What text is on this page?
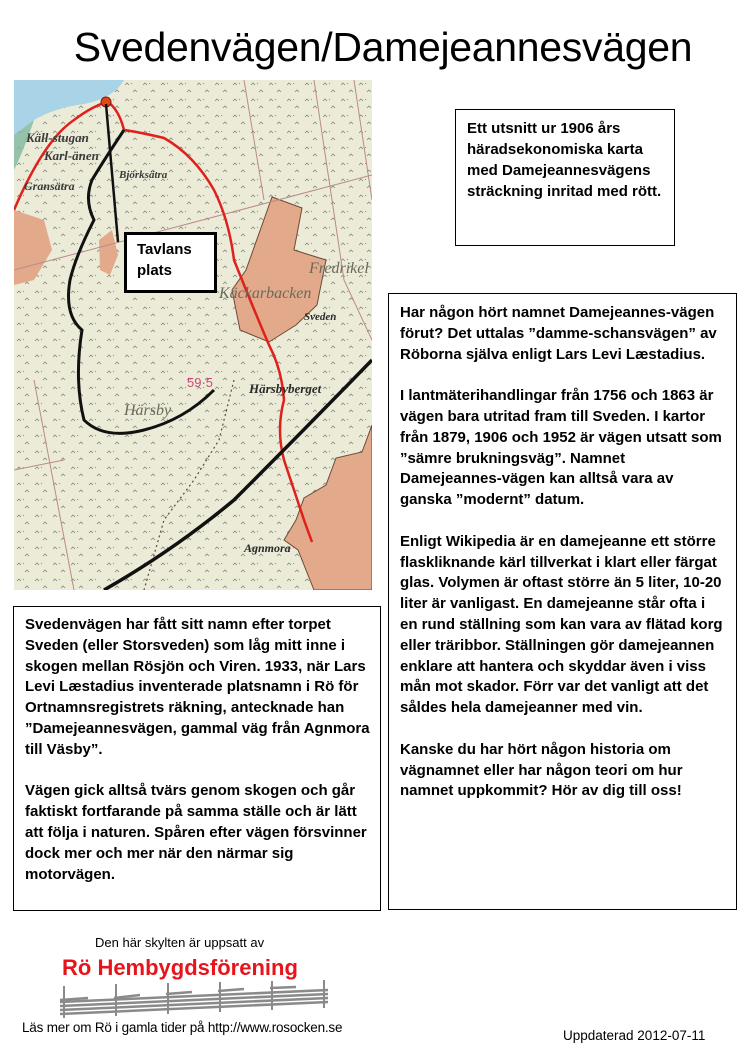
Svedenvägen/Damejeannesvägen
Käll-stugan
Karl-änen
Björksätra
Gransätra
Käckarbacken
Fredrikel
Härsby
Sveden
Härsbyberget
Agnmora
59·5
Tavlans
plats

Ett utsnitt ur 1906 års häradsekonomiska karta med Damejeannesvägens sträckning inritad med rött.

Har någon hört namnet Damejeannes-vägen förut? Det uttalas ”damme-schansvägen” av Röborna själva enligt Lars Levi Læstadius.

I lantmäterihandlingar från 1756 och 1863 är vägen bara utritad fram till Sveden. I kartor från 1879, 1906 och 1952 är vägen utsatt som ”sämre brukningsväg”. Namnet Damejeannes-vägen kan alltså vara av ganska ”modernt” datum.

Enligt Wikipedia är en damejeanne ett större flaskliknande kärl tillverkat i klart eller färgat glas. Volymen är oftast större än 5 liter, 10-20 liter är vanligast. En damejeanne står ofta i en rund ställning som kan vara av flätad korg eller träribbor. Ställningen gör damejeannen enklare att hantera och skyddar även i viss mån mot skador. Förr var det vanligt att det såldes hela damejeanner med vin.

Kanske du har hört någon historia om vägnamnet eller har någon teori om hur namnet uppkommit? Hör av dig till oss!

Svedenvägen har fått sitt namn efter torpet Sveden (eller Storsveden) som låg mitt inne i skogen mellan Rösjön och Viren. 1933, när Lars Levi Læstadius inventerade platsnamn i Rö för Ortnamnsregistrets räkning, antecknade han ”Damejeannesvägen, gammal väg från Agnmora till Väsby”.

Vägen gick alltså tvärs genom skogen och går faktiskt fortfarande på samma ställe och är lätt att följa i naturen. Spåren efter vägen försvinner dock mer och mer när den närmar sig motorvägen.

Den här skylten är uppsatt av
Rö Hembygdsförening
Läs mer om Rö i gamla tider på http://www.rosocken.se
Uppdaterad 2012-07-11
